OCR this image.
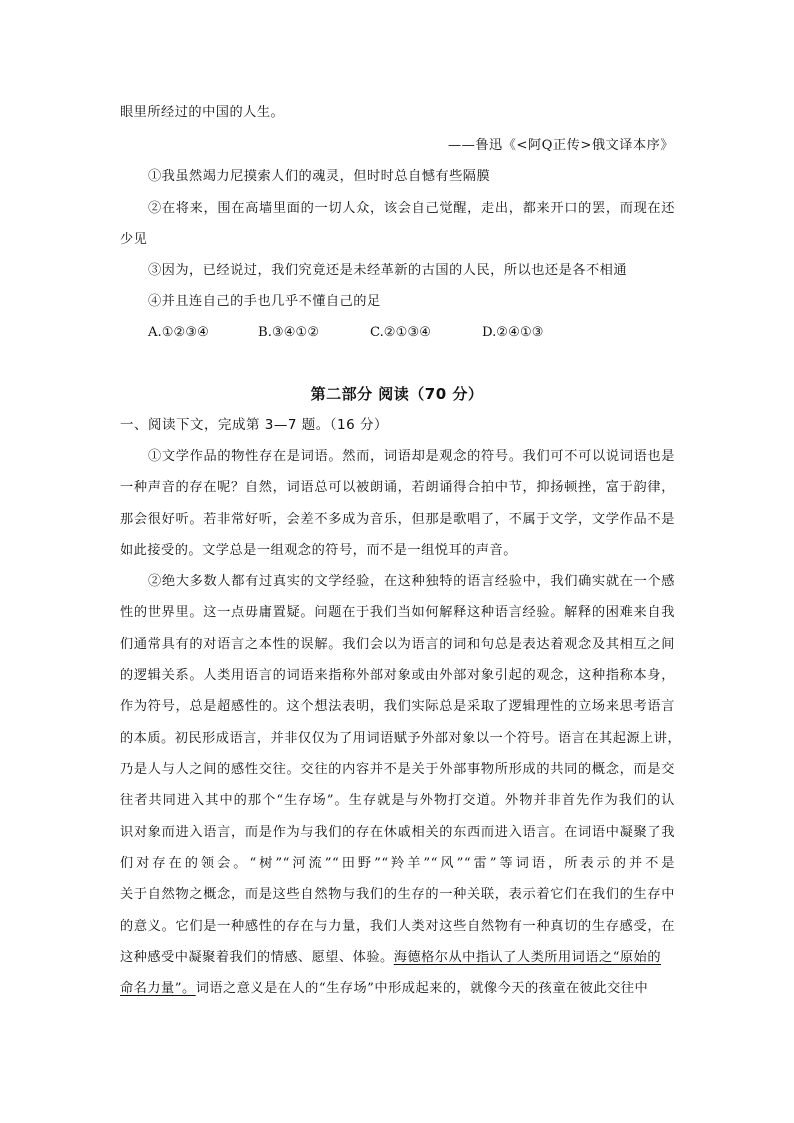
眼里所经过的中国的人生。
——鲁迅《<阿Q正传>俄文译本序》
①我虽然竭力尼摸索人们的魂灵，但时时总自憾有些隔膜
②在将来，围在高墙里面的一切人众，该会自己觉醒，走出，都来开口的罢，而现在还
少见
③因为，已经说过，我们究竟还是未经革新的古国的人民，所以也还是各不相通
④并且连自己的手也几乎不懂自己的足
A.①②③④	B.③④①②	C.②①③④	D.②④①③
第二部分 阅读（70 分）
一、阅读下文，完成第 3—7 题。（16 分）
①文学作品的物性存在是词语。然而，词语却是观念的符号。我们可不可以说词语也是
一种声音的存在呢？自然，词语总可以被朗诵，若朗诵得合拍中节，抑扬顿挫，富于韵律，
那会很好听。若非常好听，会差不多成为音乐，但那是歌唱了，不属于文学，文学作品不是
如此接受的。文学总是一组观念的符号，而不是一组悦耳的声音。
②绝大多数人都有过真实的文学经验，在这种独特的语言经验中，我们确实就在一个感
性的世界里。这一点毋庸置疑。问题在于我们当如何解释这种语言经验。解释的困难来自我
们通常具有的对语言之本性的误解。我们会以为语言的词和句总是表达着观念及其相互之间
的逻辑关系。人类用语言的词语来指称外部对象或由外部对象引起的观念，这种指称本身，
作为符号，总是超感性的。这个想法表明，我们实际总是采取了逻辑理性的立场来思考语言
的本质。初民形成语言，并非仅仅为了用词语赋予外部对象以一个符号。语言在其起源上讲，
乃是人与人之间的感性交往。交往的内容并不是关于外部事物所形成的共同的概念，而是交
往者共同进入其中的那个“生存场”。生存就是与外物打交道。外物并非首先作为我们的认
识对象而进入语言，而是作为与我们的存在休戚相关的东西而进入语言。在词语中凝聚了我
们对存在的领会。“树”“河流”“田野”“羚羊”“风”“雷”等词语，所表示的并不是
关于自然物之概念，而是这些自然物与我们的生存的一种关联，表示着它们在我们的生存中
的意义。它们是一种感性的存在与力量，我们人类对这些自然物有一种真切的生存感受，在
这种感受中凝聚着我们的情感、愿望、体验。海德格尔从中指认了人类所用词语之“原始的
命名力量”。词语之意义是在人的“生存场”中形成起来的，就像今天的孩童在彼此交往中
